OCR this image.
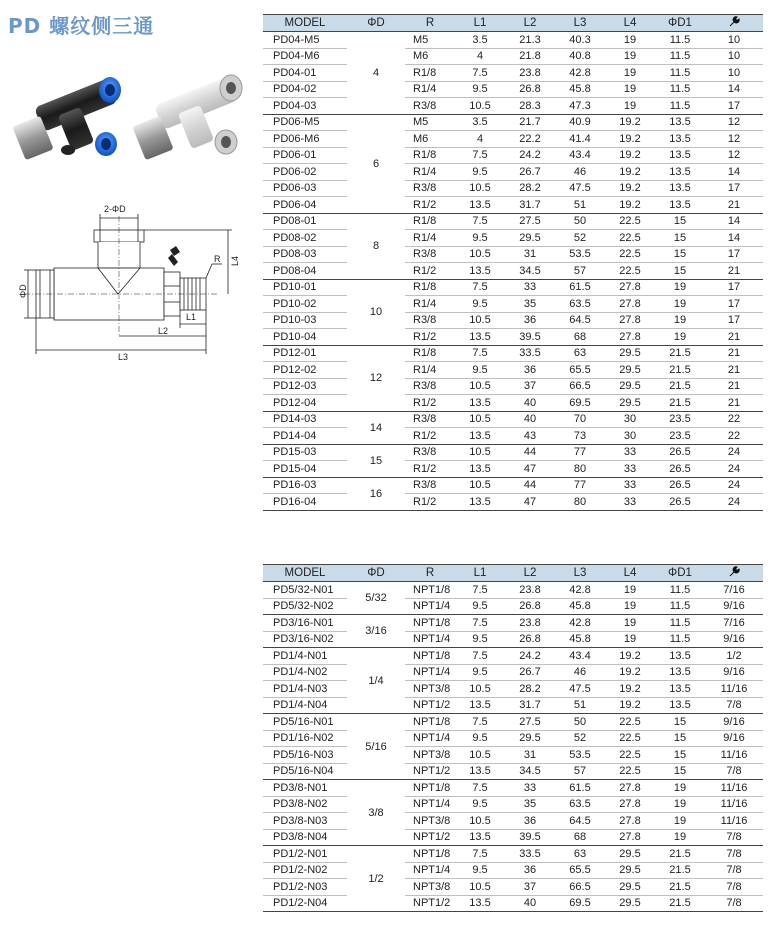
PD 螺纹侧三通
2-ΦD
ΦD
L4
R
L1
L2
L3
MODEL	ΦD	R	L1	L2	L3	L4	ΦD1	
PD04-M5	4	M5	3.5	21.3	40.3	19	11.5	10
PD04-M6		M6	4	21.8	40.8	19	11.5	10
PD04-01		R1/8	7.5	23.8	42.8	19	11.5	10
PD04-02		R1/4	9.5	26.8	45.8	19	11.5	14
PD04-03		R3/8	10.5	28.3	47.3	19	11.5	17
PD06-M5	6	M5	3.5	21.7	40.9	19.2	13.5	12
PD06-M6		M6	4	22.2	41.4	19.2	13.5	12
PD06-01		R1/8	7.5	24.2	43.4	19.2	13.5	12
PD06-02		R1/4	9.5	26.7	46	19.2	13.5	14
PD06-03		R3/8	10.5	28.2	47.5	19.2	13.5	17
PD06-04		R1/2	13.5	31.7	51	19.2	13.5	21
PD08-01	8	R1/8	7.5	27.5	50	22.5	15	14
PD08-02		R1/4	9.5	29.5	52	22.5	15	14
PD08-03		R3/8	10.5	31	53.5	22.5	15	17
PD08-04		R1/2	13.5	34.5	57	22.5	15	21
PD10-01	10	R1/8	7.5	33	61.5	27.8	19	17
PD10-02		R1/4	9.5	35	63.5	27.8	19	17
PD10-03		R3/8	10.5	36	64.5	27.8	19	17
PD10-04		R1/2	13.5	39.5	68	27.8	19	21
PD12-01	12	R1/8	7.5	33.5	63	29.5	21.5	21
PD12-02		R1/4	9.5	36	65.5	29.5	21.5	21
PD12-03		R3/8	10.5	37	66.5	29.5	21.5	21
PD12-04		R1/2	13.5	40	69.5	29.5	21.5	21
PD14-03	14	R3/8	10.5	40	70	30	23.5	22
PD14-04		R1/2	13.5	43	73	30	23.5	22
PD15-03	15	R3/8	10.5	44	77	33	26.5	24
PD15-04		R1/2	13.5	47	80	33	26.5	24
PD16-03	16	R3/8	10.5	44	77	33	26.5	24
PD16-04		R1/2	13.5	47	80	33	26.5	24
MODEL	ΦD	R	L1	L2	L3	L4	ΦD1	
PD5/32-N01	5/32	NPT1/8	7.5	23.8	42.8	19	11.5	7/16
PD5/32-N02		NPT1/4	9.5	26.8	45.8	19	11.5	9/16
PD3/16-N01	3/16	NPT1/8	7.5	23.8	42.8	19	11.5	7/16
PD3/16-N02		NPT1/4	9.5	26.8	45.8	19	11.5	9/16
PD1/4-N01	1/4	NPT1/8	7.5	24.2	43.4	19.2	13.5	1/2
PD1/4-N02		NPT1/4	9.5	26.7	46	19.2	13.5	9/16
PD1/4-N03		NPT3/8	10.5	28.2	47.5	19.2	13.5	11/16
PD1/4-N04		NPT1/2	13.5	31.7	51	19.2	13.5	7/8
PD5/16-N01	5/16	NPT1/8	7.5	27.5	50	22.5	15	9/16
PD1/16-N02		NPT1/4	9.5	29.5	52	22.5	15	9/16
PD5/16-N03		NPT3/8	10.5	31	53.5	22.5	15	11/16
PD5/16-N04		NPT1/2	13.5	34.5	57	22.5	15	7/8
PD3/8-N01	3/8	NPT1/8	7.5	33	61.5	27.8	19	11/16
PD3/8-N02		NPT1/4	9.5	35	63.5	27.8	19	11/16
PD3/8-N03		NPT3/8	10.5	36	64.5	27.8	19	11/16
PD3/8-N04		NPT1/2	13.5	39.5	68	27.8	19	7/8
PD1/2-N01	1/2	NPT1/8	7.5	33.5	63	29.5	21.5	7/8
PD1/2-N02		NPT1/4	9.5	36	65.5	29.5	21.5	7/8
PD1/2-N03		NPT3/8	10.5	37	66.5	29.5	21.5	7/8
PD1/2-N04		NPT1/2	13.5	40	69.5	29.5	21.5	7/8
